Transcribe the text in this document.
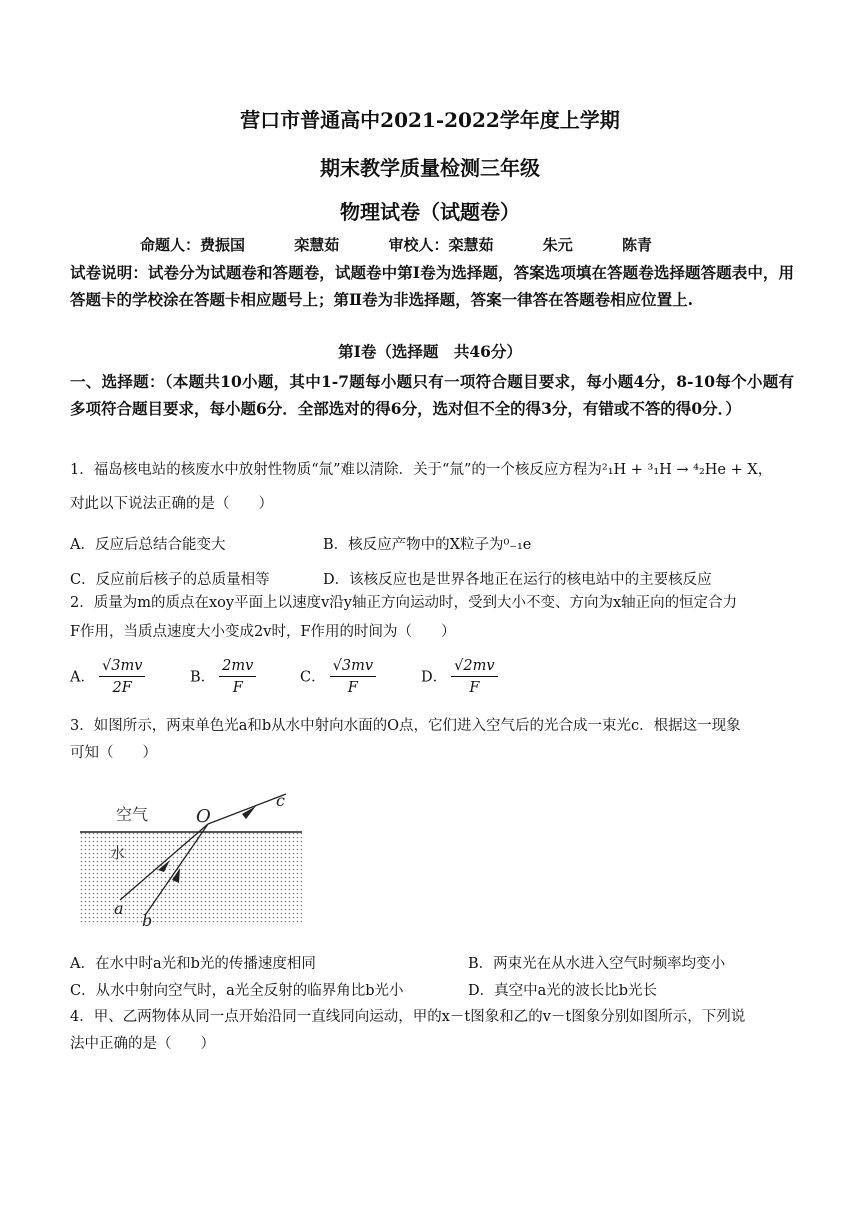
营口市普通高中2021-2022学年度上学期
期末教学质量检测三年级
物理试卷（试题卷）
命题人：费振国	栾慧茹	审校人：栾慧茹	朱元	陈青
试卷说明：试卷分为试题卷和答题卷，试题卷中第Ⅰ卷为选择题，答案选项填在答题卷选择题答题表中，用答题卡的学校涂在答题卡相应题号上；第Ⅱ卷为非选择题，答案一律答在答题卷相应位置上.
第Ⅰ卷（选择题　共46分）
一、选择题：（本题共10小题，其中1-7题每小题只有一项符合题目要求，每小题4分，8-10每个小题有多项符合题目要求，每小题6分．全部选对的得6分，选对但不全的得3分，有错或不答的得0分．）
1．福岛核电站的核废水中放射性物质“氚”难以清除．关于“氚”的一个核反应方程为²₁H + ³₁H → ⁴₂He + X，
对此以下说法正确的是（　　）
A．反应后总结合能变大	B．核反应产物中的X粒子为⁰₋₁e
C．反应前后核子的总质量相等	D．该核反应也是世界各地正在运行的核电站中的主要核反应
2．质量为m的质点在xoy平面上以速度v沿y轴正方向运动时，受到大小不变、方向为x轴正向的恒定合力
F作用，当质点速度大小变成2v时，F作用的时间为（　　）
A． $\frac{√3mv}{2F}$	B． $\frac{2mv}{F}$	C． $\frac{√3mv}{F}$	D． $\frac{√2mv}{F}$
3．如图所示，两束单色光a和b从水中射向水面的O点，它们进入空气后的光合成一束光c．根据这一现象
可知（　　）
空气
水
O
a
b
c
A．在水中时a光和b光的传播速度相同	B．两束光在从水进入空气时频率均变小
C．从水中射向空气时，a光全反射的临界角比b光小	D．真空中a光的波长比b光长
4．甲、乙两物体从同一点开始沿同一直线同向运动，甲的x－t图象和乙的v－t图象分别如图所示，下列说
法中正确的是（　　）
